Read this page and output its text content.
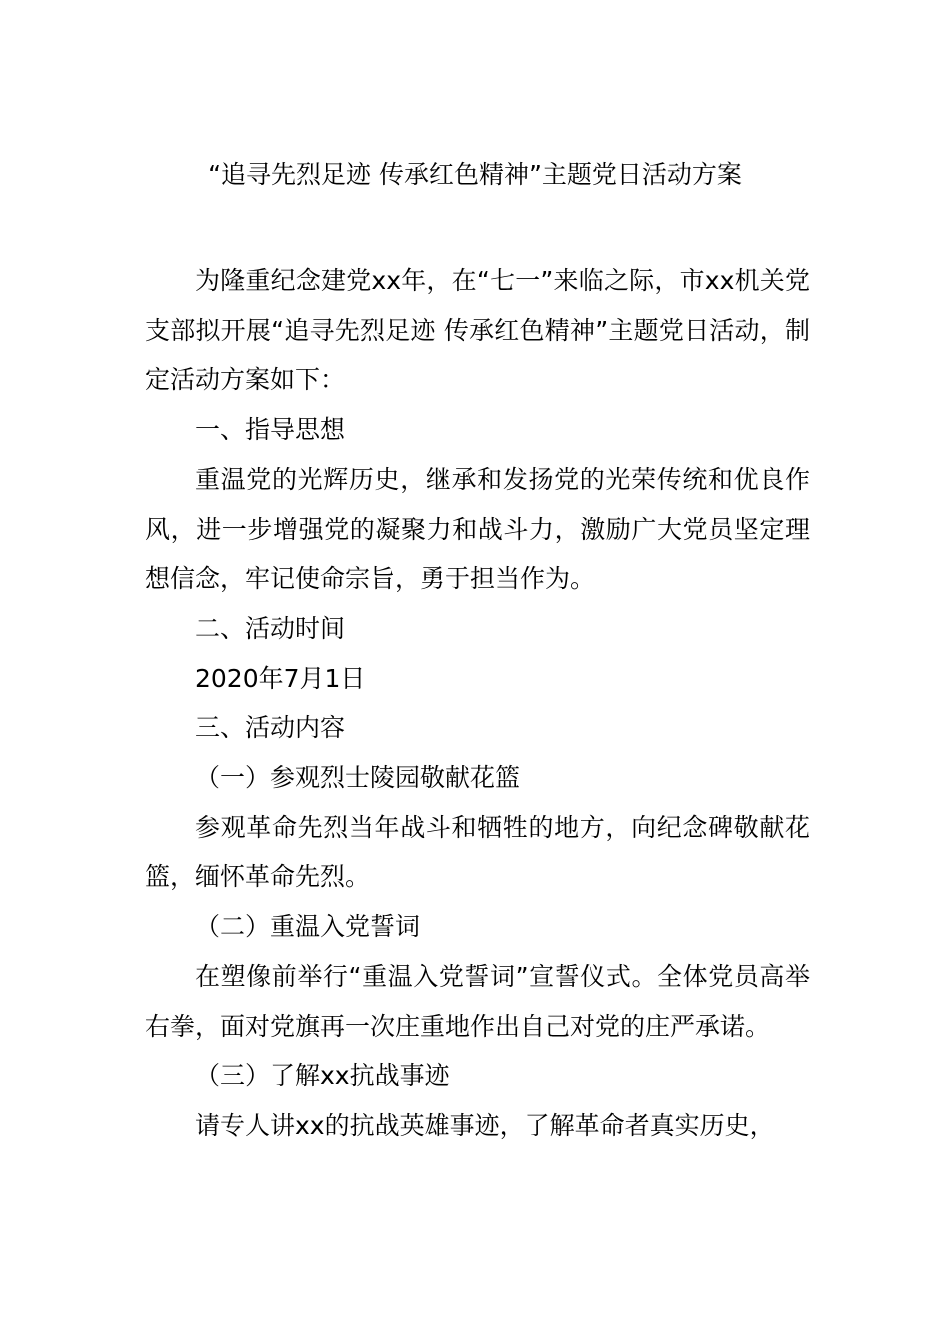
“追寻先烈足迹 传承红色精神”主题党日活动方案

为隆重纪念建党xx年，在“七一”来临之际，市xx机关党支部拟开展“追寻先烈足迹 传承红色精神”主题党日活动，制定活动方案如下：

一、指导思想

重温党的光辉历史，继承和发扬党的光荣传统和优良作风，进一步增强党的凝聚力和战斗力，激励广大党员坚定理想信念，牢记使命宗旨，勇于担当作为。

二、活动时间

2020年7月1日

三、活动内容

（一）参观烈士陵园敬献花篮

参观革命先烈当年战斗和牺牲的地方，向纪念碑敬献花篮，缅怀革命先烈。

（二）重温入党誓词

在塑像前举行“重温入党誓词”宣誓仪式。全体党员高举右拳，面对党旗再一次庄重地作出自己对党的庄严承诺。

（三）了解xx抗战事迹

请专人讲xx的抗战英雄事迹，了解革命者真实历史，
